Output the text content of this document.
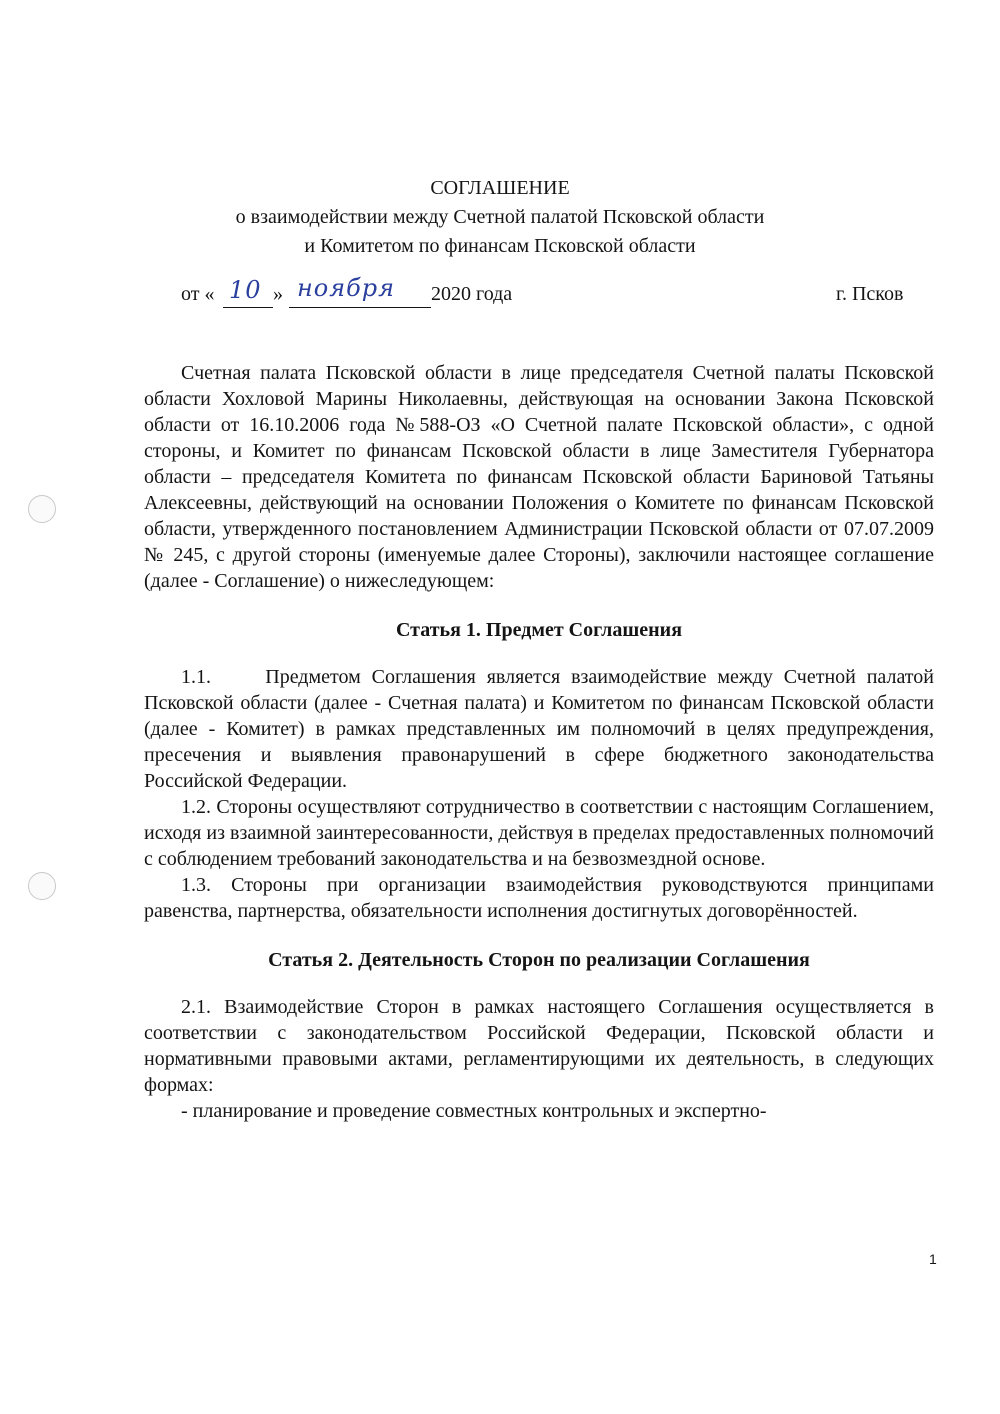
СОГЛАШЕНИЕ
о взаимодействии между Счетной палатой Псковской области
и Комитетом по финансам Псковской области
от « 10 » ноября 2020 года	г. Псков

Счетная палата Псковской области в лице председателя Счетной палаты Псковской области Хохловой Марины Николаевны, действующая на основании Закона Псковской области от 16.10.2006 года №588-ОЗ «О Счетной палате Псковской области», с одной стороны, и Комитет по финансам Псковской области в лице Заместителя Губернатора области – председателя Комитета по финансам Псковской области Бариновой Татьяны Алексеевны, действующий на основании Положения о Комитете по финансам Псковской области, утвержденного постановлением Администрации Псковской области от 07.07.2009 № 245, с другой стороны (именуемые далее Стороны), заключили настоящее соглашение (далее - Соглашение) о нижеследующем:

Статья 1. Предмет Соглашения

1.1.     Предметом Соглашения является взаимодействие между Счетной палатой Псковской области (далее - Счетная палата) и Комитетом по финансам Псковской области (далее - Комитет) в рамках представленных им полномочий в целях предупреждения, пресечения и выявления правонарушений в сфере бюджетного законодательства Российской Федерации.

1.2. Стороны осуществляют сотрудничество в соответствии с настоящим Соглашением, исходя из взаимной заинтересованности, действуя в пределах предоставленных полномочий с соблюдением требований законодательства и на безвозмездной основе.

1.3. Стороны при организации взаимодействия руководствуются принципами равенства, партнерства, обязательности исполнения достигнутых договорённостей.

Статья 2. Деятельность Сторон по реализации Соглашения

2.1. Взаимодействие Сторон в рамках настоящего Соглашения осуществляется в соответствии с законодательством Российской Федерации, Псковской области и нормативными правовыми актами, регламентирующими их деятельность, в следующих формах:

- планирование и проведение совместных контрольных и экспертно-

1
